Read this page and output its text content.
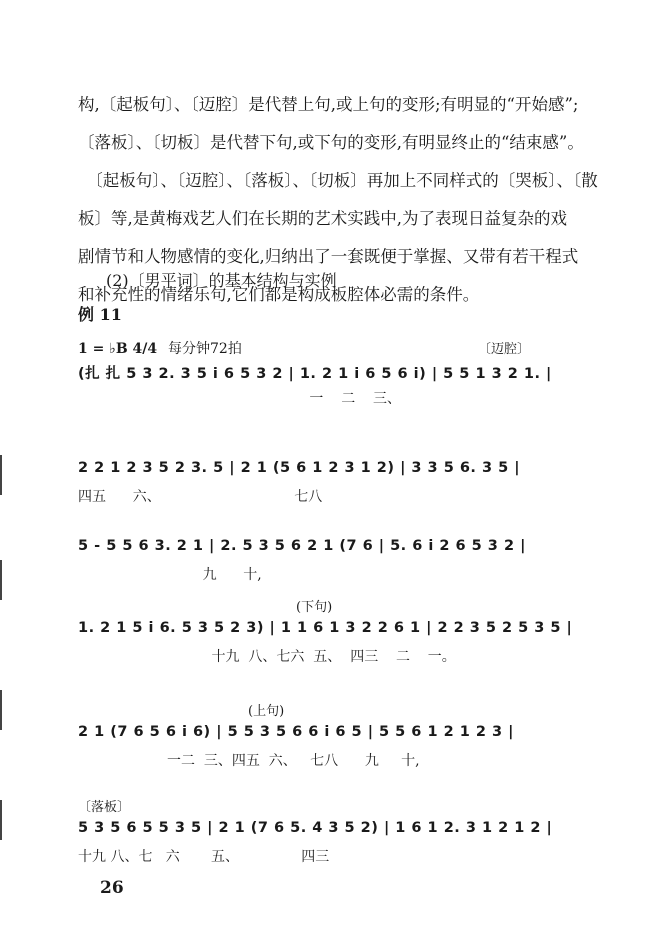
构,〔起板句〕、〔迈腔〕是代替上句,或上句的变形;有明显的“开始感”;

〔落板〕、〔切板〕是代替下句,或下句的变形,有明显终止的“结束感”。

　〔起板句〕、〔迈腔〕、〔落板〕、〔切板〕再加上不同样式的〔哭板〕、〔散

板〕等,是黄梅戏艺人们在长期的艺术实践中,为了表现日益复杂的戏

剧情节和人物感情的变化,归纳出了一套既便于掌握、又带有若干程式

和补充性的情绪乐句,它们都是构成板腔体必需的条件。

(2)〔男平词〕的基本结构与实例
例 11
1 = ♭B 4/4 每分钟72拍	〔迈腔〕
(扎 扎 5 3 2. 3 5 i 6 5 3 2 | 1. 2 1 i 6 5 6 i) | 5 5 1 3 2 1. |
一    二    三、
2 2 1 2 3 5 2 3. 5 | 2 1 (5 6 1 2 3 1 2) | 3 3 5 6. 3 5 |
四五      六、                              七八
5 - 5 5 6 3. 2 1 | 2. 5 3 5 6 2 1 (7 6 | 5. 6 i 2 6 5 3 2 |
九      十,
(下句)
1. 2 1 5 i 6. 5 3 5 2 3) | 1 1 6 1 3 2 2 6 1 | 2 2 3 5 2 5 3 5 |
十九  八、七六  五、  四三    二    一。
(上句)
2 1 (7 6 5 6 i 6) | 5 5 3 5 6 6 i 6 5 | 5 5 6 1 2 1 2 3 |
一二  三、四五  六、   七八      九     十,
〔落板〕
5 3 5 6 5 5 3 5 | 2 1 (7 6 5. 4 3 5 2) | 1 6 1 2. 3 1 2 1 2 |
十九 八、七   六       五、              四三
26
